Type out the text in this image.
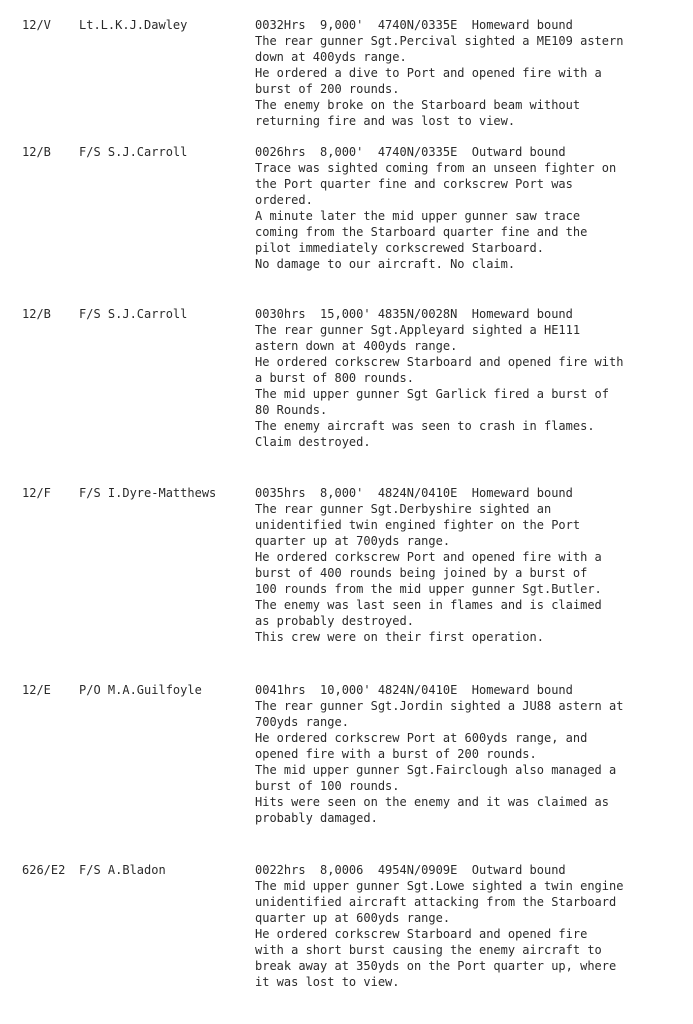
12/V Lt.L.K.J.Dawley	0032Hrs  9,000'  4740N/0335E  Homeward bound
The rear gunner Sgt.Percival sighted a ME109 astern
down at 400yds range.
He ordered a dive to Port and opened fire with a
burst of 200 rounds.
The enemy broke on the Starboard beam without
returning fire and was lost to view.
12/B F/S S.J.Carroll	0026hrs  8,000'  4740N/0335E  Outward bound
Trace was sighted coming from an unseen fighter on
the Port quarter fine and corkscrew Port was
ordered.
A minute later the mid upper gunner saw trace
coming from the Starboard quarter fine and the
pilot immediately corkscrewed Starboard.
No damage to our aircraft. No claim.
12/B F/S S.J.Carroll	0030hrs  15,000' 4835N/0028N  Homeward bound
The rear gunner Sgt.Appleyard sighted a HE111
astern down at 400yds range.
He ordered corkscrew Starboard and opened fire with
a burst of 800 rounds.
The mid upper gunner Sgt Garlick fired a burst of
80 Rounds.
The enemy aircraft was seen to crash in flames.
Claim destroyed.
12/F F/S I.Dyre-Matthews	0035hrs  8,000'  4824N/0410E  Homeward bound
The rear gunner Sgt.Derbyshire sighted an
unidentified twin engined fighter on the Port
quarter up at 700yds range.
He ordered corkscrew Port and opened fire with a
burst of 400 rounds being joined by a burst of
100 rounds from the mid upper gunner Sgt.Butler.
The enemy was last seen in flames and is claimed
as probably destroyed.
This crew were on their first operation.
12/E P/O M.A.Guilfoyle	0041hrs  10,000' 4824N/0410E  Homeward bound
The rear gunner Sgt.Jordin sighted a JU88 astern at
700yds range.
He ordered corkscrew Port at 600yds range, and
opened fire with a burst of 200 rounds.
The mid upper gunner Sgt.Fairclough also managed a
burst of 100 rounds.
Hits were seen on the enemy and it was claimed as
probably damaged.
626/E2 F/S A.Bladon	0022hrs  8,0006  4954N/0909E  Outward bound
The mid upper gunner Sgt.Lowe sighted a twin engine
unidentified aircraft attacking from the Starboard
quarter up at 600yds range.
He ordered corkscrew Starboard and opened fire
with a short burst causing the enemy aircraft to
break away at 350yds on the Port quarter up, where
it was lost to view.
